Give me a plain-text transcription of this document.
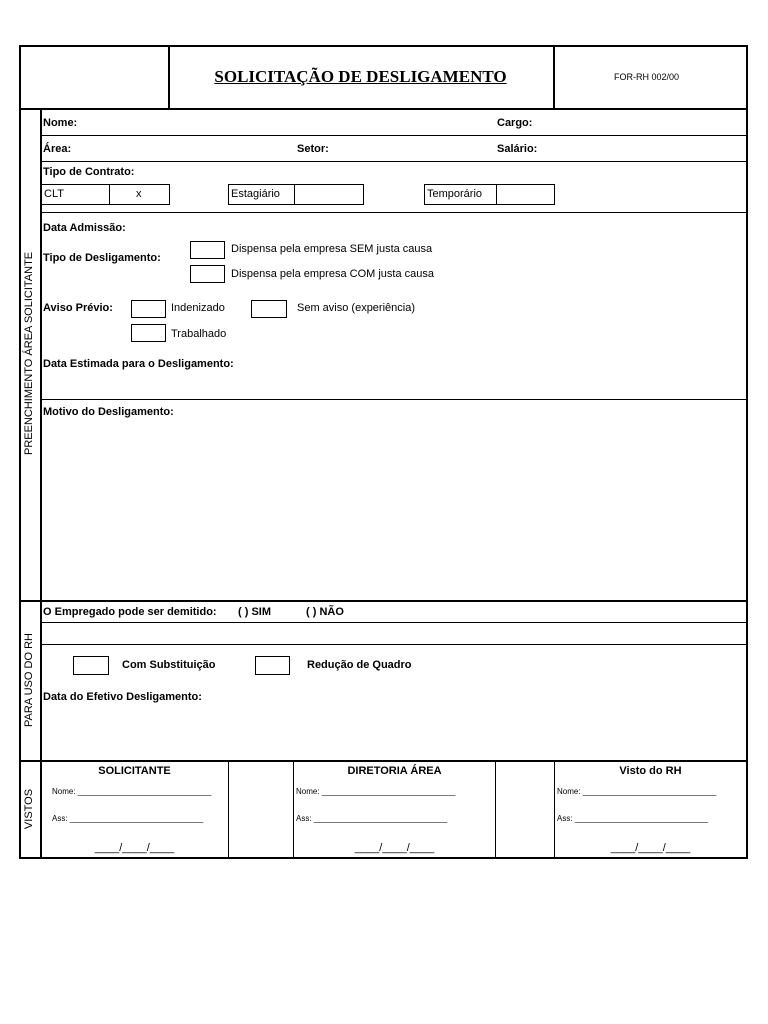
SOLICITAÇÃO DE DESLIGAMENTO	FOR-RH 002/00
PREENCHIMENTO ÁREA SOLICITANTE
PARA USO DO RH
VISTOS
Nome:	Cargo:
Área:	Setor:	Salário:
Tipo de Contrato:
CLT	x	Estagiário	Temporário
Data Admissão:
Tipo de Desligamento:
Dispensa pela empresa SEM justa causa
Dispensa pela empresa COM justa causa
Aviso Prévio:	Indenizado	Sem aviso (experiência)
Trabalhado
Data Estimada para o Desligamento:
Motivo do Desligamento:
O Empregado pode ser demitido: ( ) SIM	( ) NÃO
Com Substituição	Redução de Quadro
Data do Efetivo Desligamento:
SOLICITANTE
Nome: ______________________________
Ass: ______________________________
____/____/____
DIRETORIA ÁREA
Nome: ______________________________
Ass: ______________________________
____/____/____
Visto do RH
Nome: ______________________________
Ass: ______________________________
____/____/____
